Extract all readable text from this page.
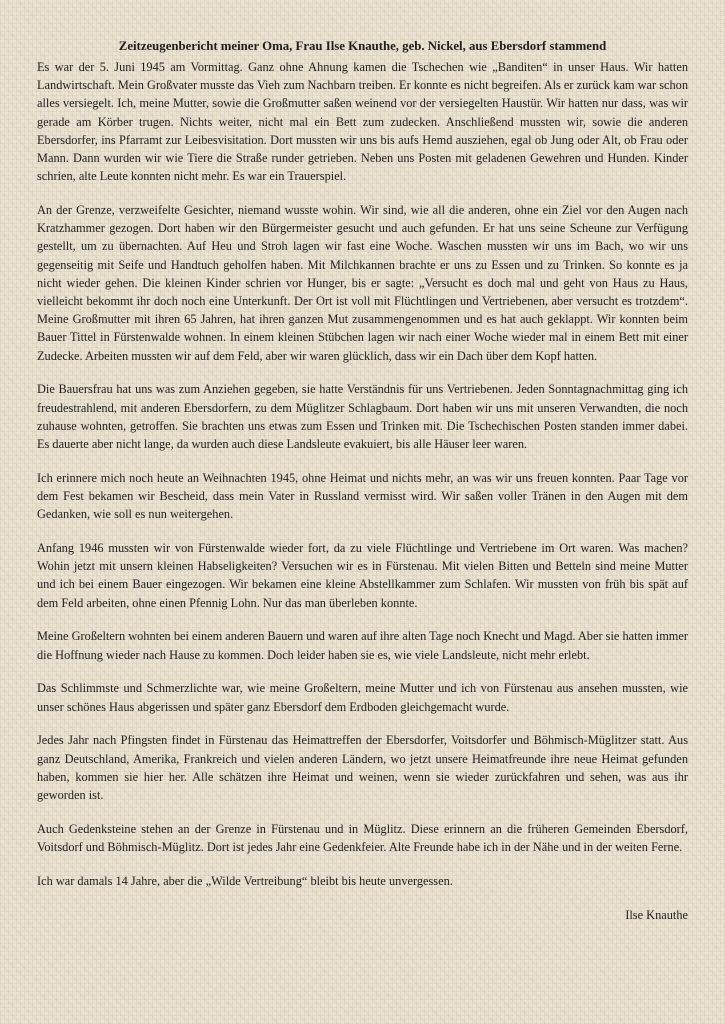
Zeitzeugenbericht meiner Oma, Frau Ilse Knauthe, geb. Nickel, aus Ebersdorf stammend

Es war der 5. Juni 1945 am Vormittag. Ganz ohne Ahnung kamen die Tschechen wie „Banditen“ in unser Haus. Wir hatten Landwirtschaft. Mein Großvater musste das Vieh zum Nachbarn treiben. Er konnte es nicht begreifen. Als er zurück kam war schon alles versiegelt. Ich, meine Mutter, sowie die Großmutter saßen weinend vor der versiegelten Haustür. Wir hatten nur dass, was wir gerade am Körber trugen. Nichts weiter, nicht mal ein Bett zum zudecken. Anschließend mussten wir, sowie die anderen Ebersdorfer, ins Pfarramt zur Leibesvisitation. Dort mussten wir uns bis aufs Hemd ausziehen, egal ob Jung oder Alt, ob Frau oder Mann. Dann wurden wir wie Tiere die Straße runder getrieben. Neben uns Posten mit geladenen Gewehren und Hunden. Kinder schrien, alte Leute konnten nicht mehr. Es war ein Trauerspiel.

An der Grenze, verzweifelte Gesichter, niemand wusste wohin. Wir sind, wie all die anderen, ohne ein Ziel vor den Augen nach Kratzhammer gezogen. Dort haben wir den Bürgermeister gesucht und auch gefunden. Er hat uns seine Scheune zur Verfügung gestellt, um zu übernachten. Auf Heu und Stroh lagen wir fast eine Woche. Waschen mussten wir uns im Bach, wo wir uns gegenseitig mit Seife und Handtuch geholfen haben. Mit Milchkannen brachte er uns zu Essen und zu Trinken. So konnte es ja nicht wieder gehen. Die kleinen Kinder schrien vor Hunger, bis er sagte: „Versucht es doch mal und geht von Haus zu Haus, vielleicht bekommt ihr doch noch eine Unterkunft. Der Ort ist voll mit Flüchtlingen und Vertriebenen, aber versucht es trotzdem“. Meine Großmutter mit ihren 65 Jahren, hat ihren ganzen Mut zusammengenommen und es hat auch geklappt. Wir konnten beim Bauer Tittel in Fürstenwalde wohnen. In einem kleinen Stübchen lagen wir nach einer Woche wieder mal in einem Bett mit einer Zudecke. Arbeiten mussten wir auf dem Feld, aber wir waren glücklich, dass wir ein Dach über dem Kopf hatten.

Die Bauersfrau hat uns was zum Anziehen gegeben, sie hatte Verständnis für uns Vertriebenen. Jeden Sonntagnachmittag ging ich freudestrahlend, mit anderen Ebersdorfern, zu dem Müglitzer Schlagbaum. Dort haben wir uns mit unseren Verwandten, die noch zuhause wohnten, getroffen. Sie brachten uns etwas zum Essen und Trinken mit. Die Tschechischen Posten standen immer dabei. Es dauerte aber nicht lange, da wurden auch diese Landsleute evakuiert, bis alle Häuser leer waren.

Ich erinnere mich noch heute an Weihnachten 1945, ohne Heimat und nichts mehr, an was wir uns freuen konnten. Paar Tage vor dem Fest bekamen wir Bescheid, dass mein Vater in Russland vermisst wird. Wir saßen voller Tränen in den Augen mit dem Gedanken, wie soll es nun weitergehen.

Anfang 1946 mussten wir von Fürstenwalde wieder fort, da zu viele Flüchtlinge und Vertriebene im Ort waren. Was machen? Wohin jetzt mit unsern kleinen Habseligkeiten? Versuchen wir es in Fürstenau. Mit vielen Bitten und Betteln sind meine Mutter und ich bei einem Bauer eingezogen. Wir bekamen eine kleine Abstellkammer zum Schlafen. Wir mussten von früh bis spät auf dem Feld arbeiten, ohne einen Pfennig Lohn. Nur das man überleben konnte.

Meine Großeltern wohnten bei einem anderen Bauern und waren auf ihre alten Tage noch Knecht und Magd. Aber sie hatten immer die Hoffnung wieder nach Hause zu kommen. Doch leider haben sie es, wie viele Landsleute, nicht mehr erlebt.

Das Schlimmste und Schmerzlichte war, wie meine Großeltern, meine Mutter und ich von Fürstenau aus ansehen mussten, wie unser schönes Haus abgerissen und später ganz Ebersdorf dem Erdboden gleichgemacht wurde.

Jedes Jahr nach Pfingsten findet in Fürstenau das Heimattreffen der Ebersdorfer, Voitsdorfer und Böhmisch-Müglitzer statt. Aus ganz Deutschland, Amerika, Frankreich und vielen anderen Ländern, wo jetzt unsere Heimatfreunde ihre neue Heimat gefunden haben, kommen sie hier her. Alle schätzen ihre Heimat und weinen, wenn sie wieder zurückfahren und sehen, was aus ihr geworden ist.

Auch Gedenksteine stehen an der Grenze in Fürstenau und in Müglitz. Diese erinnern an die früheren Gemeinden Ebersdorf, Voitsdorf und Böhmisch-Müglitz. Dort ist jedes Jahr eine Gedenkfeier. Alte Freunde habe ich in der Nähe und in der weiten Ferne.

Ich war damals 14 Jahre, aber die „Wilde Vertreibung“ bleibt bis heute unvergessen.

Ilse Knauthe
